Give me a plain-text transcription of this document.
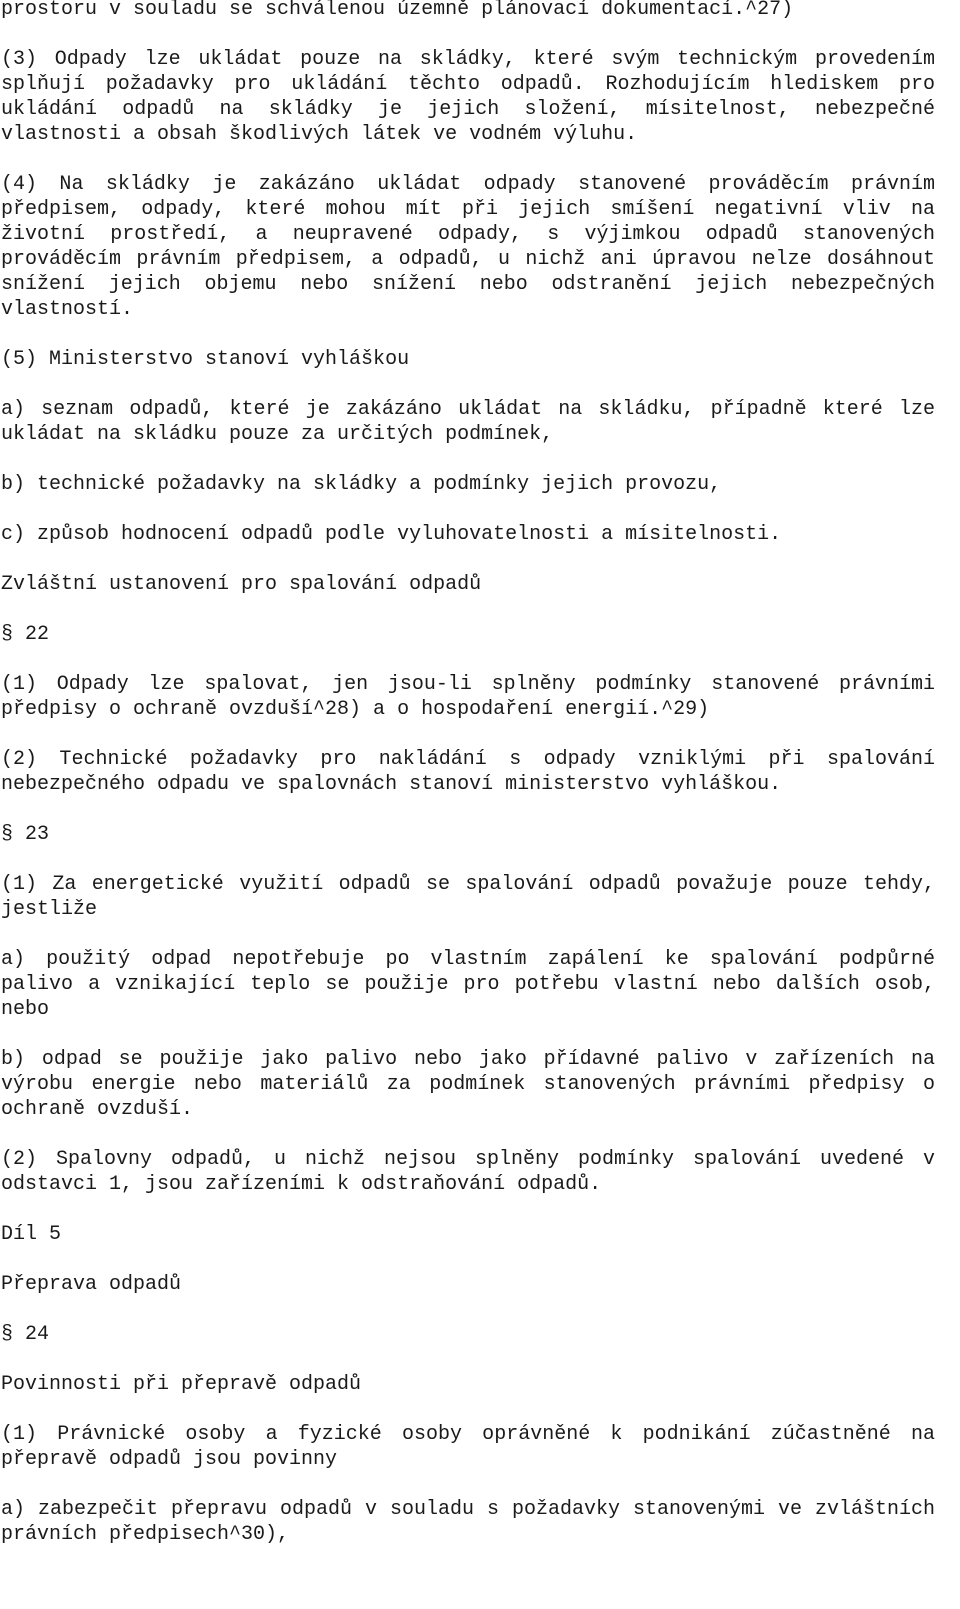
prostoru v souladu se schválenou územně plánovací dokumentací.^27)

(3) Odpady lze ukládat pouze na skládky, které svým technickým provedením splňují požadavky pro ukládání těchto odpadů. Rozhodujícím hlediskem pro ukládání odpadů na skládky je jejich složení, mísitelnost, nebezpečné vlastnosti a obsah škodlivých látek ve vodném výluhu.

(4) Na skládky je zakázáno ukládat odpady stanovené prováděcím právním předpisem, odpady, které mohou mít při jejich smíšení negativní vliv na životní prostředí, a neupravené odpady, s výjimkou odpadů stanovených prováděcím právním předpisem, a odpadů, u nichž ani úpravou nelze dosáhnout snížení jejich objemu nebo snížení nebo odstranění jejich nebezpečných vlastností.

(5) Ministerstvo stanoví vyhláškou

a) seznam odpadů, které je zakázáno ukládat na skládku, případně které lze ukládat na skládku pouze za určitých podmínek,

b) technické požadavky na skládky a podmínky jejich provozu,

c) způsob hodnocení odpadů podle vyluhovatelnosti a mísitelnosti.

Zvláštní ustanovení pro spalování odpadů

§ 22

(1) Odpady lze spalovat, jen jsou-li splněny podmínky stanovené právními předpisy o ochraně ovzduší^28) a o hospodaření energií.^29)

(2) Technické požadavky pro nakládání s odpady vzniklými při spalování nebezpečného odpadu ve spalovnách stanoví ministerstvo vyhláškou.

§ 23

(1) Za energetické využití odpadů se spalování odpadů považuje pouze tehdy, jestliže

a) použitý odpad nepotřebuje po vlastním zapálení ke spalování podpůrné palivo a vznikající teplo se použije pro potřebu vlastní nebo dalších osob, nebo

b) odpad se použije jako palivo nebo jako přídavné palivo v zařízeních na výrobu energie nebo materiálů za podmínek stanovených právními předpisy o ochraně ovzduší.

(2) Spalovny odpadů, u nichž nejsou splněny podmínky spalování uvedené v odstavci 1, jsou zařízeními k odstraňování odpadů.

Díl 5

Přeprava odpadů

§ 24

Povinnosti při přepravě odpadů

(1) Právnické osoby a fyzické osoby oprávněné k podnikání zúčastněné na přepravě odpadů jsou povinny

a) zabezpečit přepravu odpadů v souladu s požadavky stanovenými ve zvláštních právních předpisech^30),
